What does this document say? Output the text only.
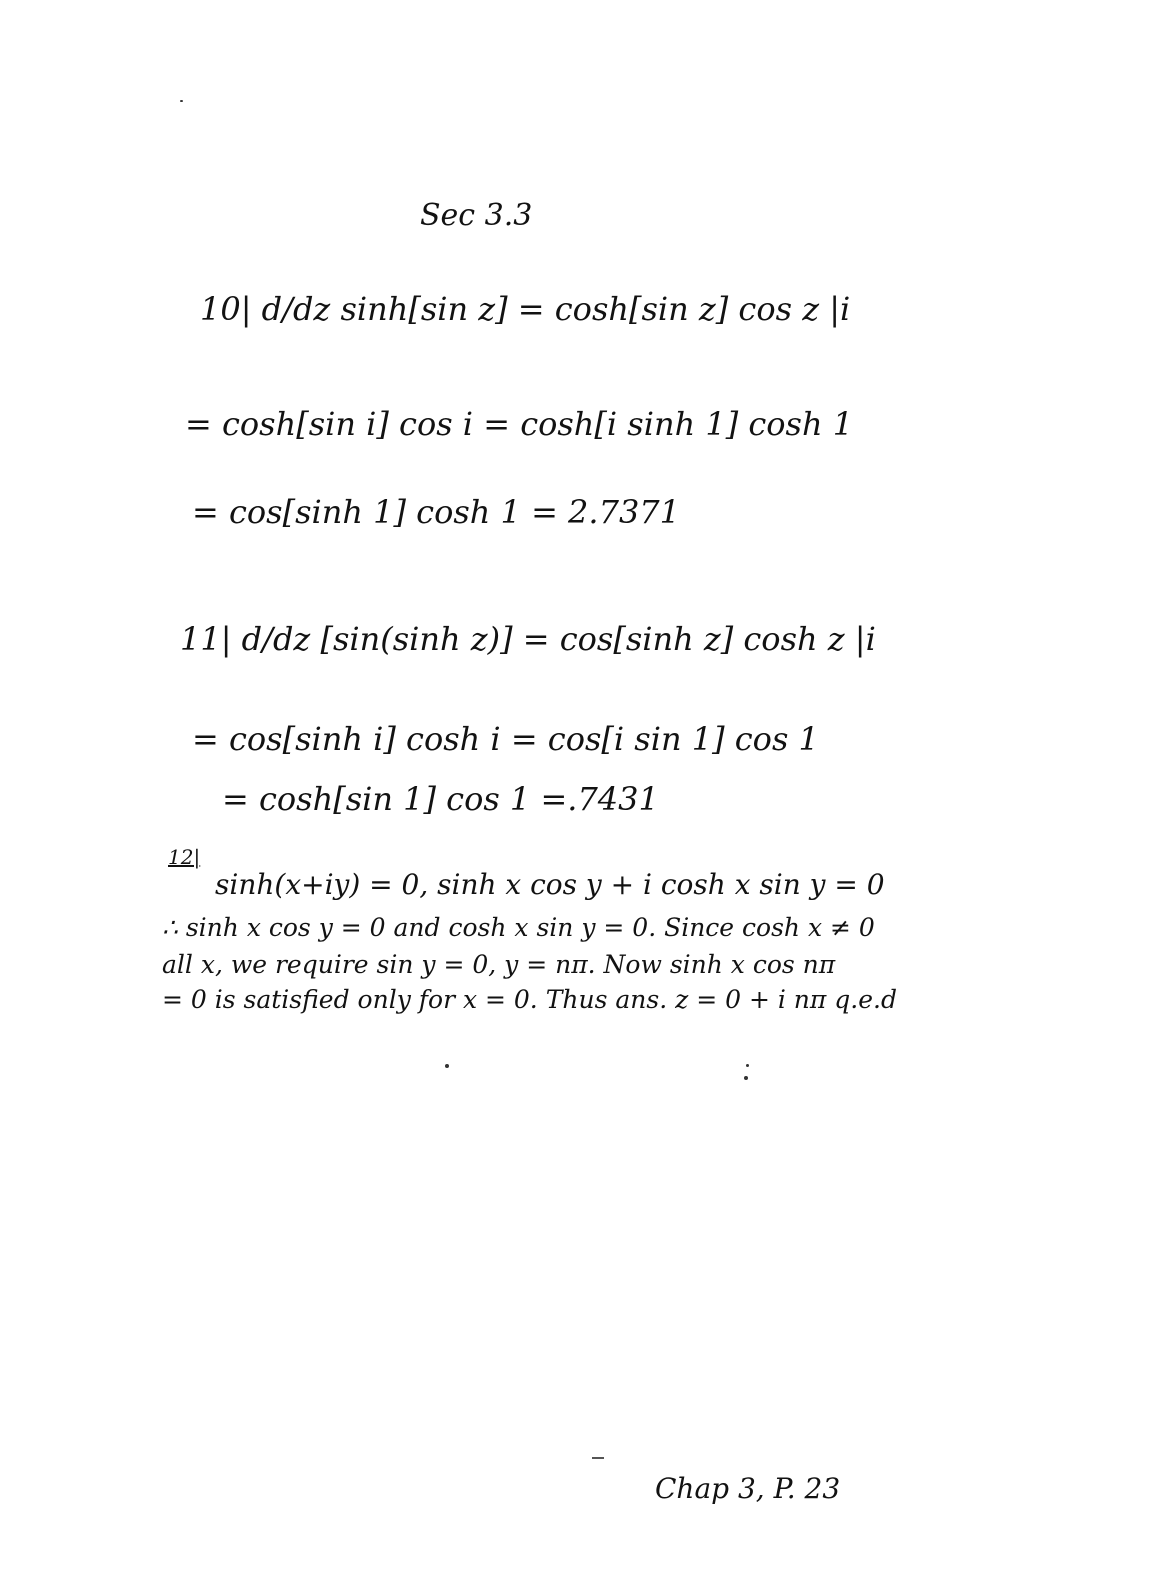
Sec 3.3
10| d/dz sinh[sin z] = cosh[sin z] cos z |i
= cosh[sin i] cos i = cosh[i sinh 1] cosh 1
= cos[sinh 1] cosh 1 = 2.7371
11| d/dz [sin(sinh z)] = cos[sinh z] cosh z |i
= cos[sinh i] cosh i = cos[i sin 1] cos 1
= cosh[sin 1] cos 1 =.7431
12|
sinh(x+iy) = 0, sinh x cos y + i cosh x sin y = 0
∴ sinh x cos y = 0 and cosh x sin y = 0. Since cosh x ≠ 0
all x, we require sin y = 0, y = nπ. Now sinh x cos nπ
= 0 is satisfied only for x = 0. Thus ans. z = 0 + i nπ q.e.d
Chap 3, P. 23
